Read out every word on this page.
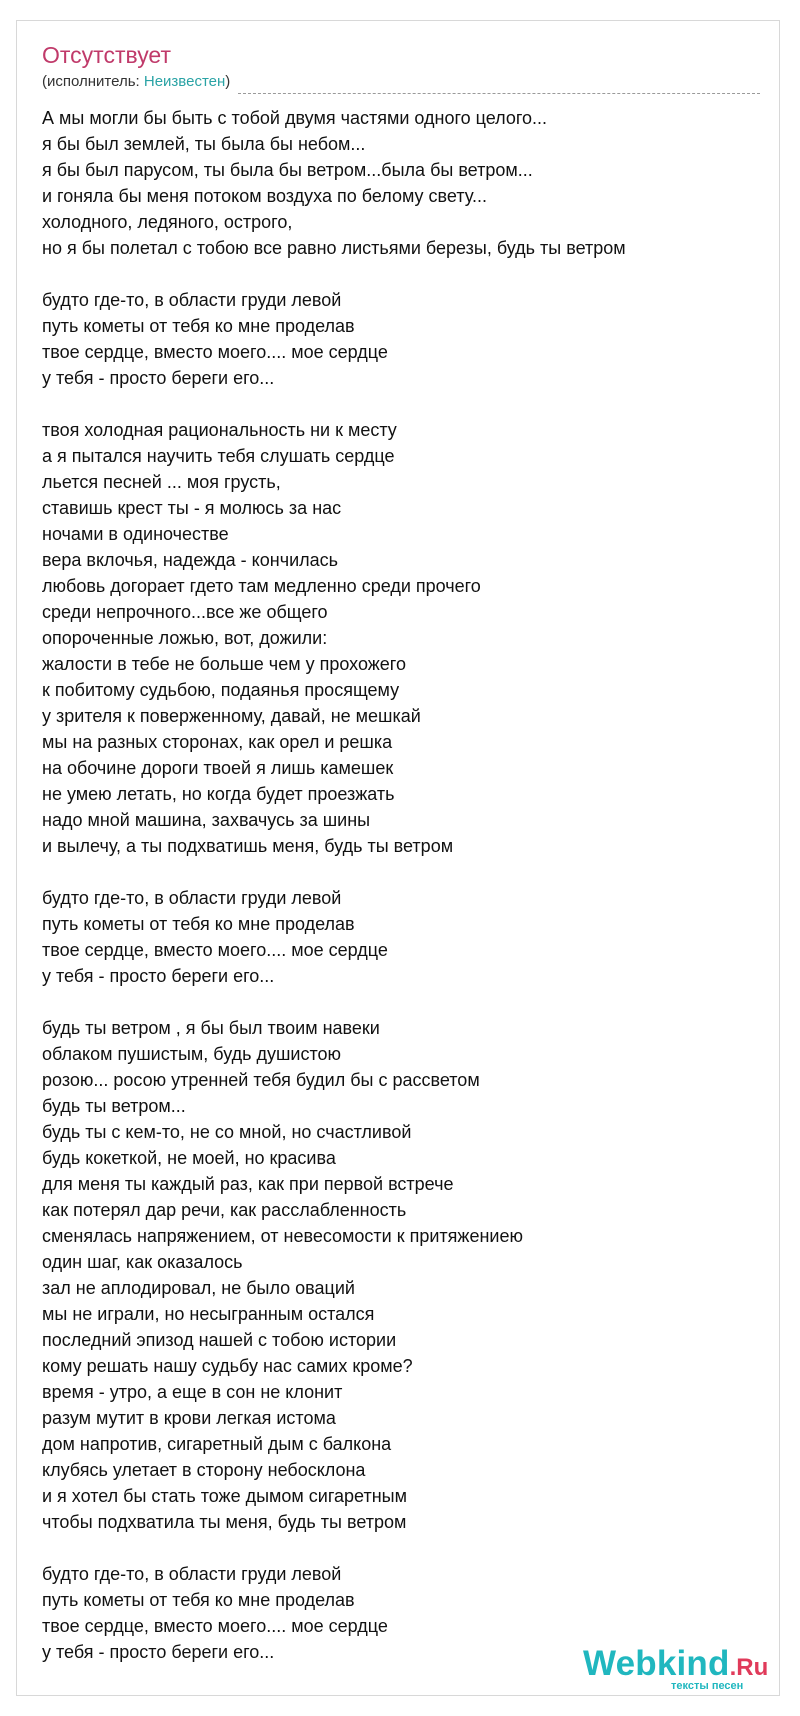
Отсутствует
(исполнитель: Неизвестен)
А мы могли бы быть с тобой двумя частями одного целого...
я бы был землей, ты была бы небом...
я бы был парусом, ты была бы ветром...была бы ветром...
и гоняла бы меня потоком воздуха по белому свету...
холодного, ледяного, острого,
но я бы полетал с тобою все равно листьями березы, будь ты ветром

будто где-то, в области груди левой
путь кометы от тебя ко мне проделав
твое сердце, вместо моего.... мое сердце
у тебя - просто береги его...

твоя холодная рациональность ни к месту
а я пытался научить тебя слушать сердце
льется песней ... моя грусть,
ставишь крест ты - я молюсь за нас
ночами в одиночестве
вера вклочья, надежда - кончилась
любовь догорает гдето там медленно среди прочего
среди непрочного...все же общего
опороченные ложью, вот, дожили:
жалости в тебе не больше чем у прохожего
к побитому судьбою, подаянья просящему
у зрителя к поверженному, давай, не мешкай
мы на разных сторонах, как орел и решка
на обочине дороги твоей я лишь камешек
не умею летать, но когда будет проезжать
надо мной машина, захвачусь за шины
и вылечу, а ты подхватишь меня, будь ты ветром

будто где-то, в области груди левой
путь кометы от тебя ко мне проделав
твое сердце, вместо моего.... мое сердце
у тебя - просто береги его...

будь ты ветром , я бы был твоим навеки
облаком пушистым, будь душистою
розою... росою утренней тебя будил бы с рассветом
будь ты ветром...
будь ты с кем-то, не со мной, но счастливой
будь кокеткой, не моей, но красива
для меня ты каждый раз, как при первой встрече
как потерял дар речи, как расслабленность
сменялась напряжением, от невесомости к притяжениею
один шаг, как оказалось
зал не аплодировал, не было оваций
мы не играли, но несыгранным остался
последний эпизод нашей с тобою истории
кому решать нашу судьбу нас самих кроме?
время - утро, а еще в сон не клонит
разум мутит в крови легкая истома
дом напротив, сигаретный дым с балкона
клубясь улетает в сторону небосклона
и я хотел бы стать тоже дымом сигаретным
чтобы подхватила ты меня, будь ты ветром

будто где-то, в области груди левой
путь кометы от тебя ко мне проделав
твое сердце, вместо моего.... мое сердце
у тебя - просто береги его...	Webkind.Ru
тексты песен
